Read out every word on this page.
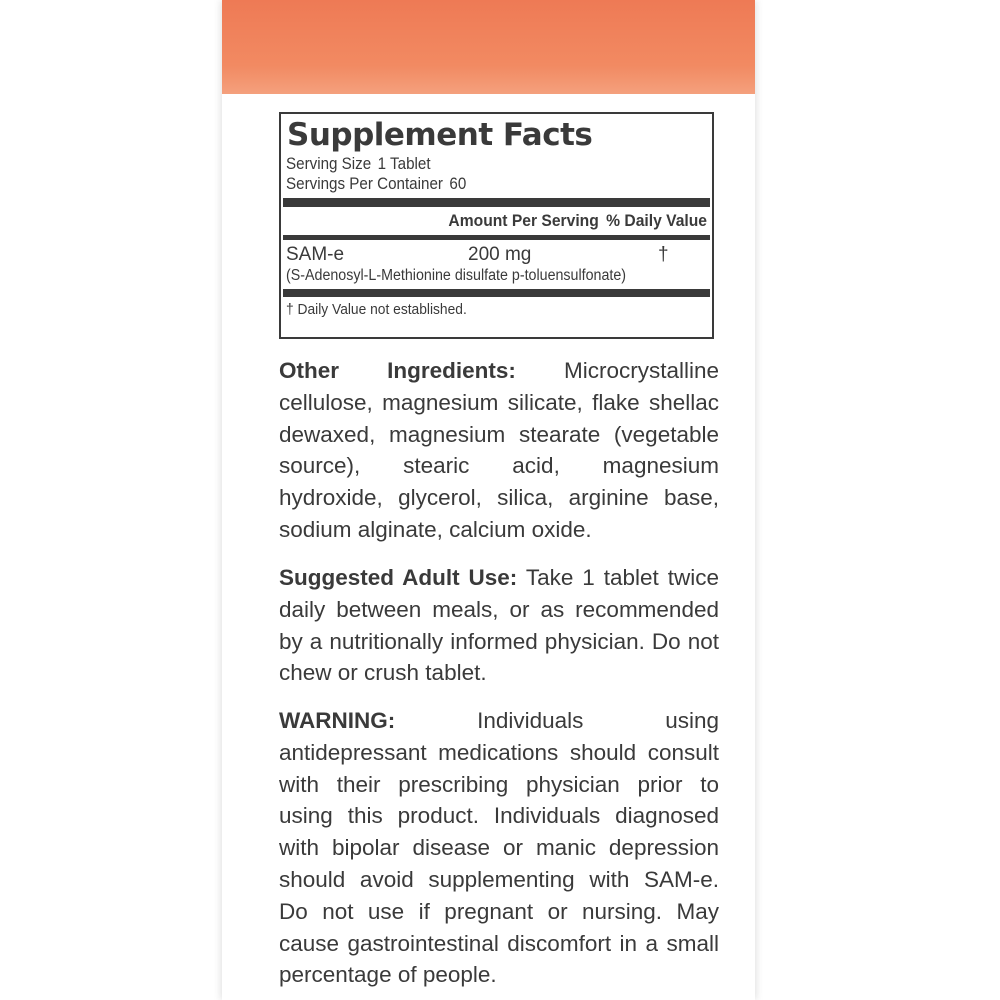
Supplement Facts
Serving Size 1 Tablet
Servings Per Container 60
Amount Per Serving % Daily Value
SAM-e	200 mg	†
(S-Adenosyl-L-Methionine disulfate p-toluensulfonate)
† Daily Value not established.
Other Ingredients: Microcrystalline cellulose, magnesium silicate, flake shellac dewaxed, magnesium stearate (vegetable source), stearic acid, magnesium hydroxide, glycerol, silica, arginine base, sodium alginate, calcium oxide.
Suggested Adult Use: Take 1 tablet twice daily between meals, or as recommended by a nutritionally informed physician. Do not chew or crush tablet.
WARNING: Individuals using antidepressant medications should consult with their prescribing physician prior to using this product. Individuals diagnosed with bipolar disease or manic depression should avoid supplementing with SAM-e. Do not use if pregnant or nursing. May cause gastrointestinal discomfort in a small percentage of people.
